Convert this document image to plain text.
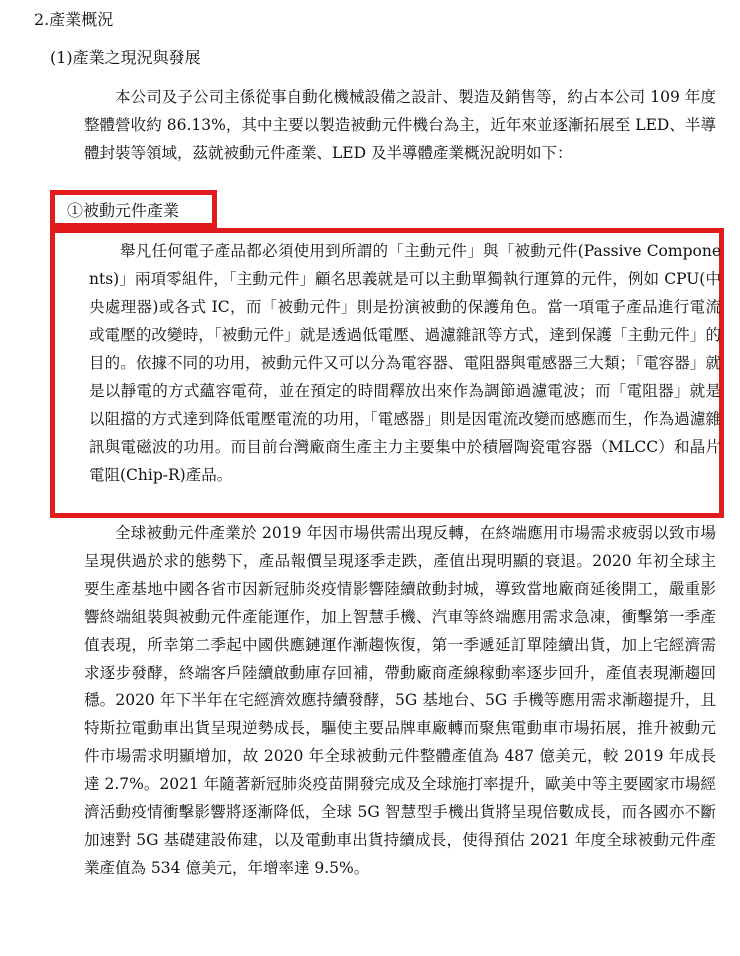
2.產業概況
(1)產業之現況與發展

本公司及子公司主係從事自動化機械設備之設計、製造及銷售等，約占本公司 109 年度整體營收約 86.13%，其中主要以製造被動元件機台為主，近年來並逐漸拓展至 LED、半導體封裝等領域，茲就被動元件產業、LED 及半導體產業概況說明如下：

①被動元件產業

舉凡任何電子產品都必須使用到所謂的「主動元件」與「被動元件(Passive Components)」兩項零組件，「主動元件」顧名思義就是可以主動單獨執行運算的元件，例如 CPU(中央處理器)或各式 IC，而「被動元件」則是扮演被動的保護角色。當一項電子產品進行電流或電壓的改變時，「被動元件」就是透過低電壓、過濾雜訊等方式，達到保護「主動元件」的目的。依據不同的功用，被動元件又可以分為電容器、電阻器與電感器三大類；「電容器」就是以靜電的方式蘊容電荷，並在預定的時間釋放出來作為調節過濾電波；而「電阻器」就是以阻擋的方式達到降低電壓電流的功用，「電感器」則是因電流改變而感應而生，作為過濾雜訊與電磁波的功用。而目前台灣廠商生產主力主要集中於積層陶瓷電容器（MLCC）和晶片電阻(Chip-R)產品。

全球被動元件產業於 2019 年因市場供需出現反轉，在終端應用市場需求疲弱以致市場呈現供過於求的態勢下，產品報價呈現逐季走跌，產值出現明顯的衰退。2020 年初全球主要生產基地中國各省市因新冠肺炎疫情影響陸續啟動封城，導致當地廠商延後開工，嚴重影響終端組裝與被動元件產能運作，加上智慧手機、汽車等終端應用需求急凍，衝擊第一季產值表現，所幸第二季起中國供應鏈運作漸趨恢復，第一季遞延訂單陸續出貨，加上宅經濟需求逐步發酵，終端客戶陸續啟動庫存回補，帶動廠商產線稼動率逐步回升，產值表現漸趨回穩。2020 年下半年在宅經濟效應持續發酵，5G 基地台、5G 手機等應用需求漸趨提升，且特斯拉電動車出貨呈現逆勢成長，驅使主要品牌車廠轉而聚焦電動車市場拓展，推升被動元件市場需求明顯增加，故 2020 年全球被動元件整體產值為 487 億美元，較 2019 年成長達 2.7%。2021 年隨著新冠肺炎疫苗開發完成及全球施打率提升，歐美中等主要國家市場經濟活動疫情衝擊影響將逐漸降低，全球 5G 智慧型手機出貨將呈現倍數成長，而各國亦不斷加速對 5G 基礎建設佈建，以及電動車出貨持續成長，使得預估 2021 年度全球被動元件產業產值為 534 億美元，年增率達 9.5%。
